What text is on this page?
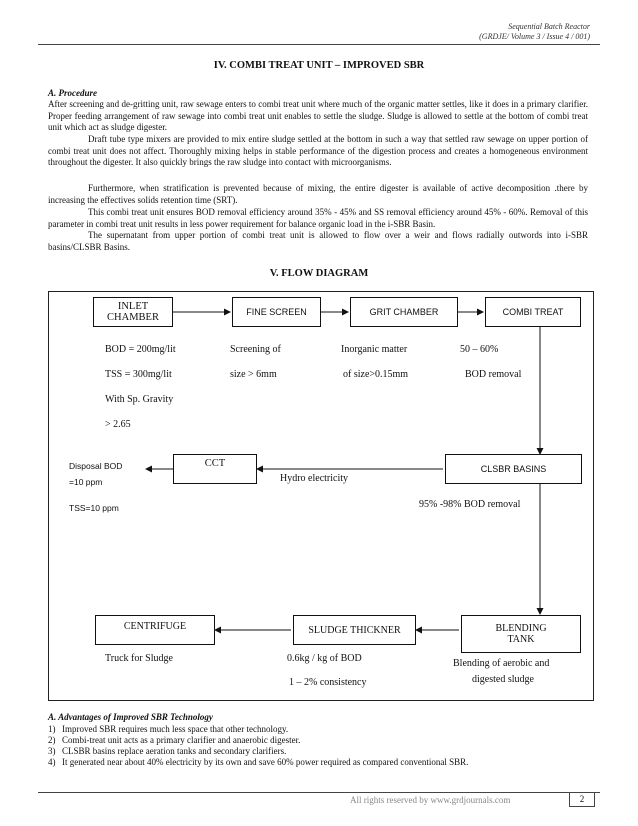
Sequential Batch Reactor
(GRDJE/ Volume 3 / Issue 4 / 001)
IV. COMBI TREAT UNIT – IMPROVED SBR
A. Procedure

After screening and de-gritting unit, raw sewage enters to combi treat unit where much of the organic matter settles, like it does in a primary clarifier. Proper feeding arrangement of raw sewage into combi treat unit enables to settle the sludge. Sludge is allowed to settle at the bottom of combi treat unit which act as sludge digester.

Draft tube type mixers are provided to mix entire sludge settled at the bottom in such a way that settled raw sewage on upper portion of combi treat unit does not affect. Thoroughly mixing helps in stable performance of the digestion process and creates a homogeneous environment throughout the digester. It also quickly brings the raw sludge into contact with microorganisms.

Furthermore, when stratification is prevented because of mixing, the entire digester is available of active decomposition .there by increasing the effectives solids retention time (SRT).

This combi treat unit ensures BOD removal efficiency around 35% - 45% and SS removal efficiency around 45% - 60%. Removal of this parameter in combi treat unit results in less power requirement for balance organic load in the i-SBR Basin.

The supernatant from upper portion of combi treat unit is allowed to flow over a weir and flows radially outwords into i-SBR basins/CLSBR Basins.

V. FLOW DIAGRAM
INLET CHAMBER	FINE SCREEN	GRIT CHAMBER	COMBI TREAT
BOD = 200mg/lit
TSS = 300mg/lit
With Sp. Gravity
> 2.65
Screening of
size > 6mm
Inorganic matter
of size>0.15mm
50 – 60%
BOD removal
CCT	CLSBR BASINS
Disposal BOD
=10 ppm
TSS=10 ppm
Hydro electricity
95% -98% BOD removal
CENTRIFUGE	SLUDGE THICKNER	BLENDING
TANK
Truck for Sludge	0.6kg / kg of BOD
1 – 2% consistency
Blending of aerobic and
digested sludge
A. Advantages of Improved SBR Technology
1) Improved SBR requires much less space that other technology.
2) Combi-treat unit acts as a primary clarifier and anaerobic digester.
3) CLSBR basins replace aeration tanks and secondary clarifiers.
4) It generated near about 40% electricity by its own and save 60% power required as compared conventional SBR.
All rights reserved by www.grdjournals.com	2
